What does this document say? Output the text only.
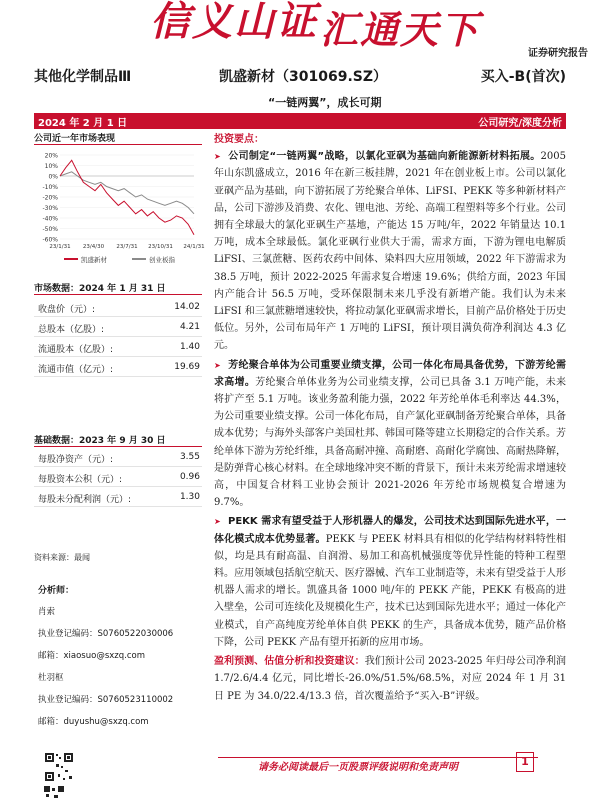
信义山证 汇通天下
证券研究报告
其他化学制品Ⅲ	凯盛新材（301069.SZ）	买入-B(首次)
“一链两翼”，成长可期
2024 年 2 月 1 日	公司研究/深度分析
公司近一年市场表现
20%
10%
0%
-10%
-20%
-30%
-40%
-50%
-60%
23/1/31 23/4/30 23/7/31 23/10/31 24/1/31
凯盛新材	创业板指
市场数据：2024 年 1 月 31 日
收盘价（元）:	14.02
总股本（亿股）:	4.21
流通股本（亿股）:	1.40
流通市值（亿元）:	19.69
基础数据：2023 年 9 月 30 日
每股净资产（元）:	3.55
每股资本公积（元）:	0.96
每股未分配利润（元）:	1.30
资料来源：最闻
分析师：
肖索
执业登记编码：S0760522030006
邮箱：xiaosuo@sxzq.com
杜羽枢
执业登记编码：S0760523110002
邮箱：duyushu@sxzq.com
投资要点：

➤ 公司制定“一链两翼”战略，以氯化亚砜为基础向新能源新材料拓展。2005 年山东凯盛成立，2016 年在新三板挂牌，2021 年在创业板上市。公司以氯化亚砜产品为基础，向下游拓展了芳纶聚合单体、LiFSI、PEKK 等多种新材料产品，公司下游涉及消费、农化、锂电池、芳纶、高端工程塑料等多个行业。公司拥有全球最大的氯化亚砜生产基地，产能达 15 万吨/年，2022 年销量达 10.1 万吨，成本全球最低。氯化亚砜行业供大于需，需求方面，下游为锂电电解质 LiFSI、三氯蔗糖、医药农药中间体、染料四大应用领域，2022 年下游需求为 38.5 万吨，预计 2022-2025 年需求复合增速 19.6%；供给方面，2023 年国内产能合计 56.5 万吨，受环保限制未来几乎没有新增产能。我们认为未来 LiFSI 和三氯蔗糖增速较快，将拉动氯化亚砜需求增长，目前产品价格处于历史低位。另外，公司布局年产 1 万吨的 LiFSI，预计项目满负荷净利润达 4.3 亿元。

➤ 芳纶聚合单体为公司重要业绩支撑，公司一体化布局具备优势，下游芳纶需求高增。芳纶聚合单体业务为公司业绩支撑，公司已具备 3.1 万吨产能，未来将扩产至 5.1 万吨。该业务盈利能力强，2022 年芳纶单体毛利率达 44.3%，为公司重要业绩支撑。公司一体化布局，自产氯化亚砜制备芳纶聚合单体，具备成本优势；与海外头部客户美国杜邦、韩国可隆等建立长期稳定的合作关系。芳纶单体下游为芳纶纤维，具备高耐冲撞、高耐磨、高耐化学腐蚀、高耐热降解，是防弹背心核心材料。在全球地缘冲突不断的背景下，预计未来芳纶需求增速较高，中国复合材料工业协会预计 2021-2026 年芳纶市场规模复合增速为 9.7%。

➤ PEKK 需求有望受益于人形机器人的爆发，公司技术达到国际先进水平，一体化模式成本优势显著。PEKK 与 PEEK 材料具有相似的化学结构材料特性相似，均是具有耐高温、自润滑、易加工和高机械强度等优异性能的特种工程塑料。应用领域包括航空航天、医疗器械、汽车工业制造等，未来有望受益于人形机器人需求的增长。凯盛具备 1000 吨/年的 PEKK 产能，PEKK 有极高的进入壁垒，公司可连续化及规模化生产，技术已达到国际先进水平；通过一体化产业模式，自产高纯度芳纶单体自供 PEKK 的生产，具备成本优势，随产品价格下降，公司 PEKK 产品有望开拓新的应用市场。

盈利预测、估值分析和投资建议：我们预计公司 2023-2025 年归母公司净利润 1.7/2.6/4.4 亿元，同比增长-26.0%/51.5%/68.5%，对应 2024 年 1 月 31 日 PE 为 34.0/22.4/13.3 倍，首次覆盖给予“买入-B”评级。

请务必阅读最后一页股票评级说明和免责声明	1
